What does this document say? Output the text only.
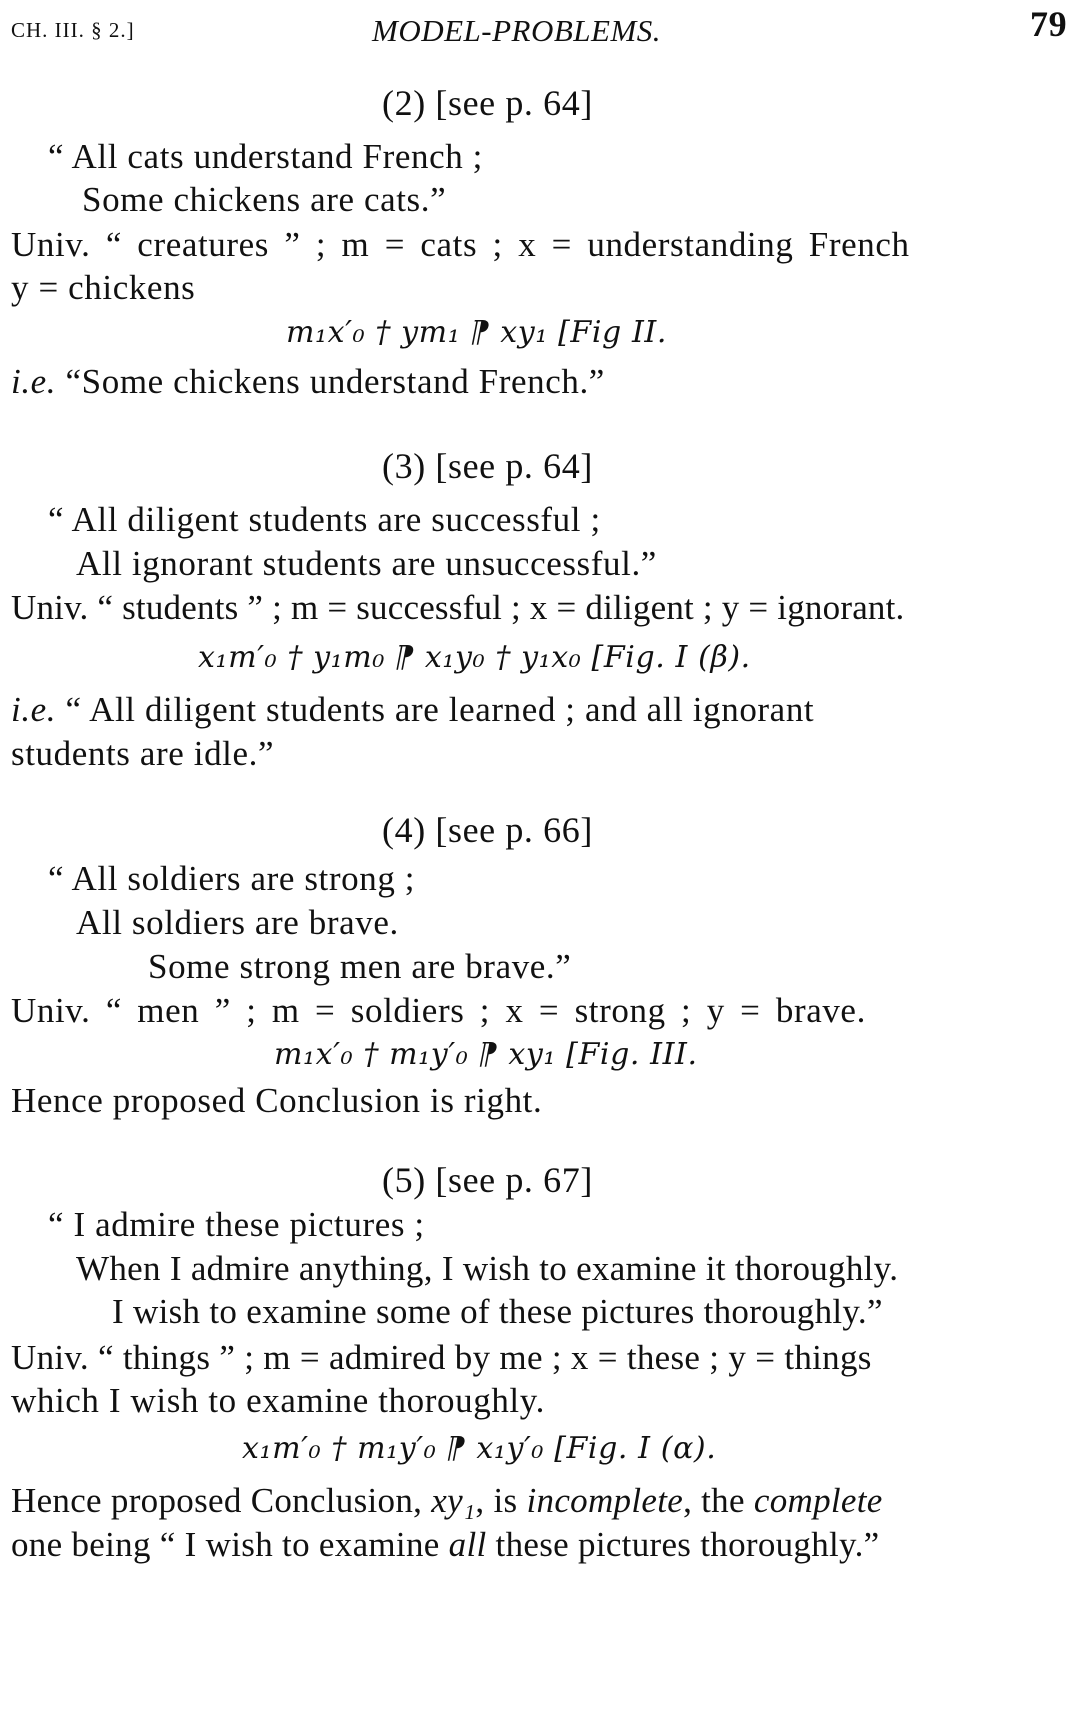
CH. III. § 2.]	MODEL-PROBLEMS.	79
(2) [see p. 64]
“ All cats understand French ;
Some chickens are cats.”
Univ. “ creatures ” ; m = cats ; x = understanding French
y = chickens
m₁x′₀ † ym₁ ⁋ xy₁ [Fig II.
i.e. “Some chickens understand French.”
(3) [see p. 64]
“ All diligent students are successful ;
All ignorant students are unsuccessful.”
Univ. “ students ” ; m = successful ; x = diligent ; y = ignorant.
x₁m′₀ † y₁m₀ ⁋ x₁y₀ † y₁x₀ [Fig. I (β).
i.e. “ All diligent students are learned ; and all ignorant
students are idle.”
(4) [see p. 66]
“ All soldiers are strong ;
All soldiers are brave.
Some strong men are brave.”
Univ. “ men ” ; m = soldiers ; x = strong ; y = brave.
m₁x′₀ † m₁y′₀ ⁋ xy₁ [Fig. III.
Hence proposed Conclusion is right.
(5) [see p. 67]
“ I admire these pictures ;
When I admire anything, I wish to examine it thoroughly.
I wish to examine some of these pictures thoroughly.”
Univ. “ things ” ; m = admired by me ; x = these ; y = things
which I wish to examine thoroughly.
x₁m′₀ † m₁y′₀ ⁋ x₁y′₀ [Fig. I (α).
Hence proposed Conclusion, xy₁, is incomplete, the complete
one being “ I wish to examine all these pictures thoroughly.”
